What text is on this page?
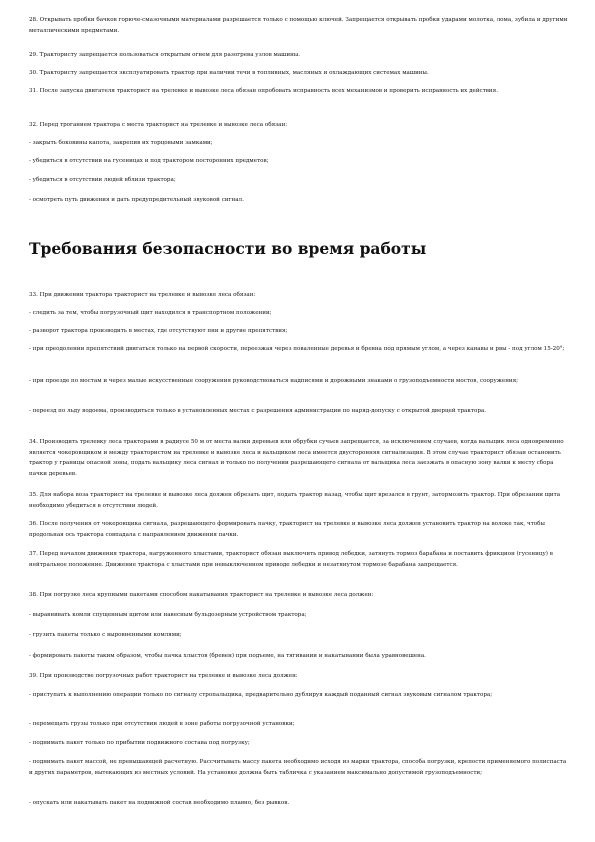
28. Открывать пробки бачков горюче-смазочными материалами разрешается только с помощью ключей. Запрещается открывать пробки ударами молотка, лома, зубила и другими металлическими предметами.

29. Трактористу запрещается пользоваться открытым огнем для разогрева узлов машины.

30. Трактористу запрещается эксплуатировать трактор при наличии течи в топливных, масляных и охлаждающих системах машины.

31. После запуска двигателя тракторист на трелевке и вывозке леса обязан опробовать исправность всех механизмов и проверить исправность их действия.

32. Перед троганием трактора с места тракторист на трелевке и вывозке леса обязан:

- закрыть боковины капота, закрепив их торцовыми замками;

- убедиться в отсутствии на гусеницах и под трактором посторонних предметов;

- убедиться в отсутствии людей вблизи трактора;

- осмотреть путь движения и дать предупредительный звуковой сигнал.

Требования безопасности во время работы

33. При движении трактора тракторист на трелевке и вывозке леса обязан:

- следить за тем, чтобы погрузочный щит находился в транспортном положении;

- разворот трактора производить в местах, где отсутствуют пни и другие препятствия;

- при преодолении препятствий двигаться только на первой скорости, переезжая через поваленные деревья и бревна под прямым углом, а через канавы и рвы - под углом 15-20°;

- при проезде по мостам и через малые искусственные сооружения руководствоваться надписями и дорожными знаками о грузоподъемности мостов, сооружения;

- переезд по льду водоема, производиться только в установленных местах с разрешения администрации по наряд-допуску с открытой дверцей трактора.

34. Производить трелевку леса тракторами в радиусе 50 м от места валки деревьев или обрубки сучьев запрещается, за исключением случаев, когда вальщик леса одновременно является чокеровщиком и между трактористом на трелевке и вывозке леса и вальщиком леса имеется двусторонняя сигнализация. В этом случае тракторист обязан остановить трактор у границы опасной зоны, подать вальщику леса сигнал и только по получении разрешающего сигнала от вальщика леса заезжать в опасную зону валки к месту сбора пачки деревьев.

35. Для набора воза тракторист на трелевке и вывозке леса должен обрезать щит, подать трактор назад, чтобы щит врезался в грунт, затормозить трактор. При обрезании щита необходимо убедиться в отсутствии людей.

36. После получения от чокеровщика сигнала, разрешающего формировать пачку, тракторист на трелевке и вывозке леса должен установить трактор на волоке так, чтобы продольная ось трактора совпадала с направлением движения пачки.

37. Перед началом движения трактора, нагруженного хлыстами, тракторист обязан выключить привод лебедки, затянуть тормоз барабана и поставить фрикцион (гусеницу) в нейтральное положение. Движение трактора с хлыстами при невыключенном приводе лебедки и незатянутом тормозе барабана запрещается.

38. При погрузке леса крупными пакетами способом накатывания тракторист на трелевке и вывозке леса должен:

- выравнивать комли спущенным щитом или навесным бульдозерным устройством трактора;

- грузить пакеты только с выровненными комлями;

- формировать пакеты таким образом, чтобы пачка хлыстов (бревен) при подъеме, на тягивании и накатывании была уравновешена.

39. При производстве погрузочных работ тракторист на трелевке и вывозке леса должен:

- приступать к выполнению операции только по сигналу стропальщика, предварительно дублируя каждый поданный сигнал звуковым сигналом трактора;

- перемещать грузы только при отсутствии людей в зоне работы погрузочной установки;

- поднимать пакет только по прибытии подвижного состава под погрузку;

- поднимать пакет массой, не превышающей расчетную. Рассчитывать массу пакета необходимо исходя из марки трактора, способа погрузки, крепости применяемого полиспаста и других параметров, вытекающих из местных условий. На установке должна быть табличка с указанием максимально допустимой грузоподъемности;

- опускать или накатывать пакет на подвижной состав необходимо плавно, без рывков.
